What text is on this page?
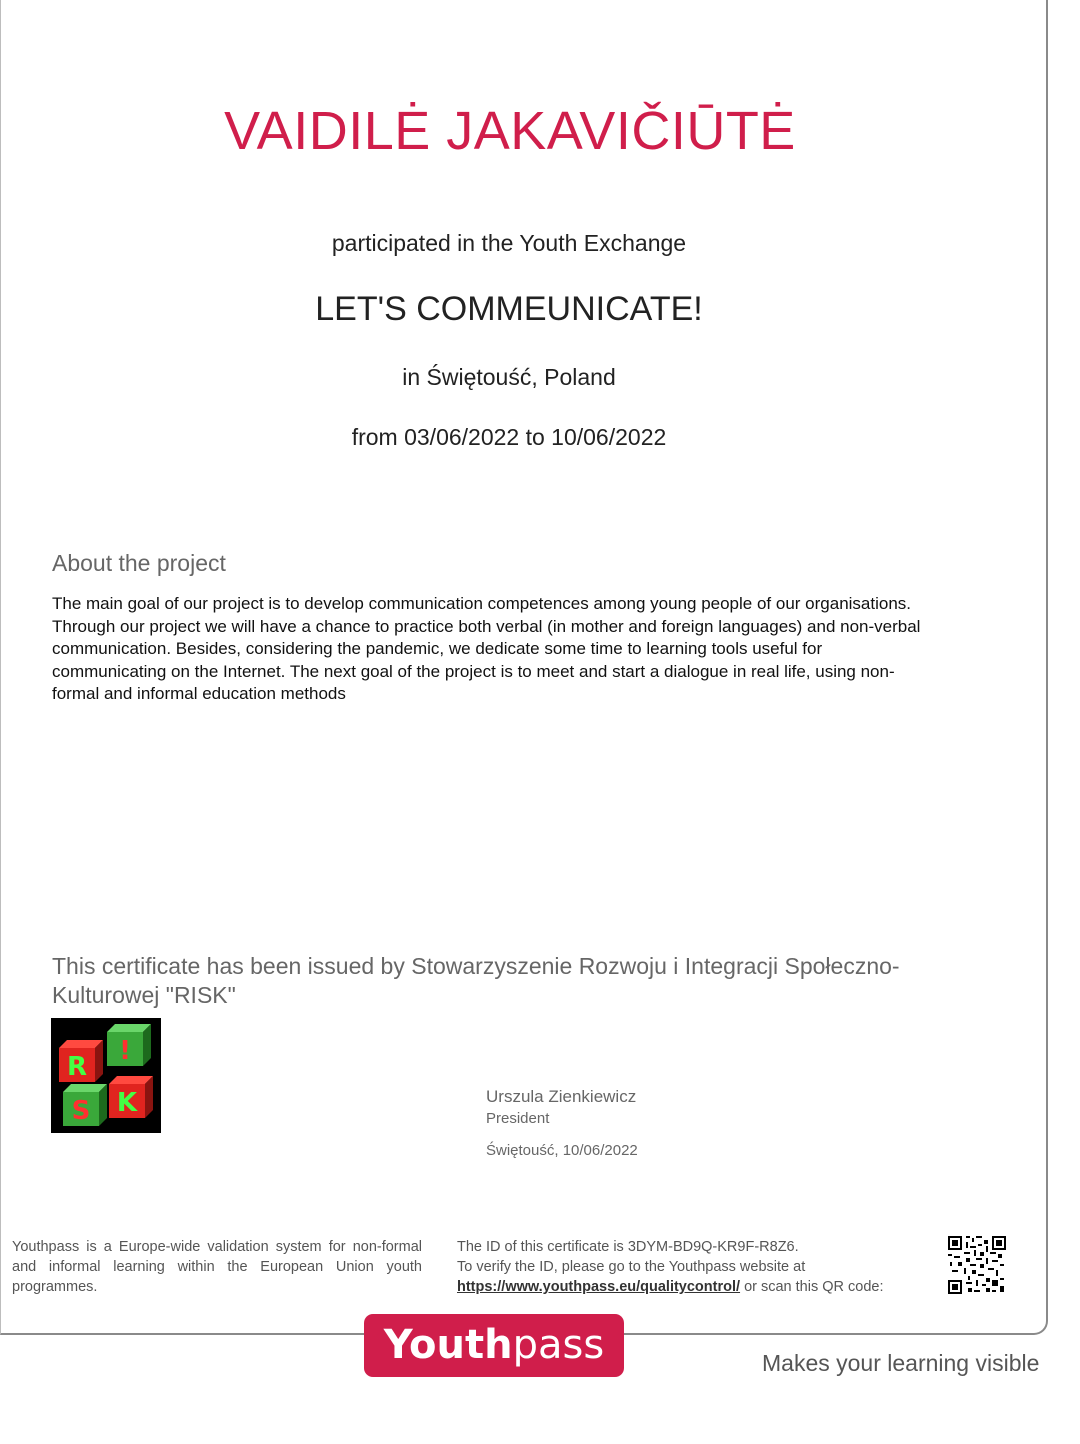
VAIDILĖ JAKAVIČIŪTĖ
participated in the Youth Exchange
LET'S COMMEUNICATE!
in Świętouść, Poland
from 03/06/2022 to 10/06/2022
About the project
The main goal of our project is to develop communication competences among young people of our organisations. Through our project we will have a chance to practice both verbal (in mother and foreign languages) and non-verbal communication. Besides, considering the pandemic, we dedicate some time to learning tools useful for communicating on the Internet. The next goal of the project is to meet and start a dialogue in real life, using non-formal and informal education methods
This certificate has been issued by Stowarzyszenie Rozwoju i Integracji Społeczno-Kulturowej "RISK"
R
!
S K	Urszula Zienkiewicz
President
Świętouść, 10/06/2022
Youthpass is a Europe-wide validation system for non-formal and informal learning within the European Union youth programmes.
The ID of this certificate is 3DYM-BD9Q-KR9F-R8Z6.
To verify the ID, please go to the Youthpass website at
https://www.youthpass.eu/qualitycontrol/ or scan this QR code:
Youthpass	Makes your learning visible
